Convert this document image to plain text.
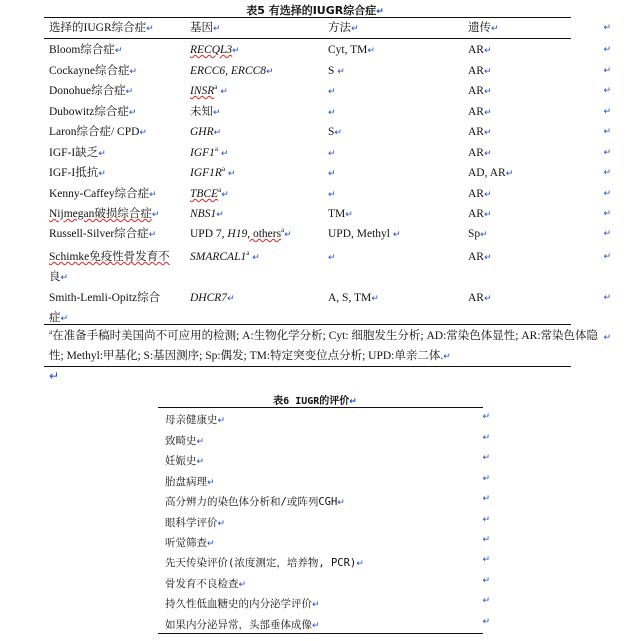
表5 有选择的IUGR综合症↵
选择的IUGR综合症↵	基因↵	方法↵	遗传↵	↵
Bloom综合症↵	RECQL3↵	Cyt, TM↵	AR↵	↵
Cockayne综合症↵	ERCC6, ERCC8↵	S ↵	AR↵	↵
Donohue综合症↵	INSR$^a$ ↵	↵	AR↵	↵
Dubowitz综合症↵	未知↵	↵	AR↵	↵
Laron综合症/ CPD↵	GHR↵	S↵	AR↵	↵
IGF-I缺乏↵	IGF1$^a$ ↵	↵	AR↵	↵
IGF-I抵抗↵	$IGF1R^a$ ↵	↵	AD, AR↵	↵
Kenny-Caffey综合症↵	TBCE$^a$↵	↵	AR↵	↵
Nijmegan破损综合症↵	NBS1↵	TM↵	AR↵	↵
Russell-Silver综合症↵	UPD 7, H19, others$^a$↵	UPD, Methyl ↵	Sp↵	↵
Schimke免疫性骨发育不
良↵
SMARCAL1$^a$ ↵	↵	AR↵	↵
Smith-Lemli-Opitz综合
症↵
DHCR7↵	A, S, TM↵	AR↵	↵
$^a$在准备手稿时美国尚不可应用的检测; A:生物化学分析; Cyt: 细胞发生分析; AD:常染色体显性; AR:常染色体隐性; Methyl:甲基化; S:基因测序; Sp:偶发; TM:特定突变位点分析; UPD:单亲二体.↵
↵
↵
表6 IUGR的评价↵
母亲健康史↵	↵
致畸史↵	↵
妊娠史↵	↵
胎盘病理↵	↵
高分辨力的染色体分析和/或阵列CGH↵	↵
眼科学评价↵	↵
听觉筛查↵	↵
先天传染评价(浓度测定，培养物, PCR)↵	↵
骨发育不良检查↵	↵
持久性低血糖史的内分泌学评价↵	↵
如果内分泌异常，头部垂体成像↵	↵
